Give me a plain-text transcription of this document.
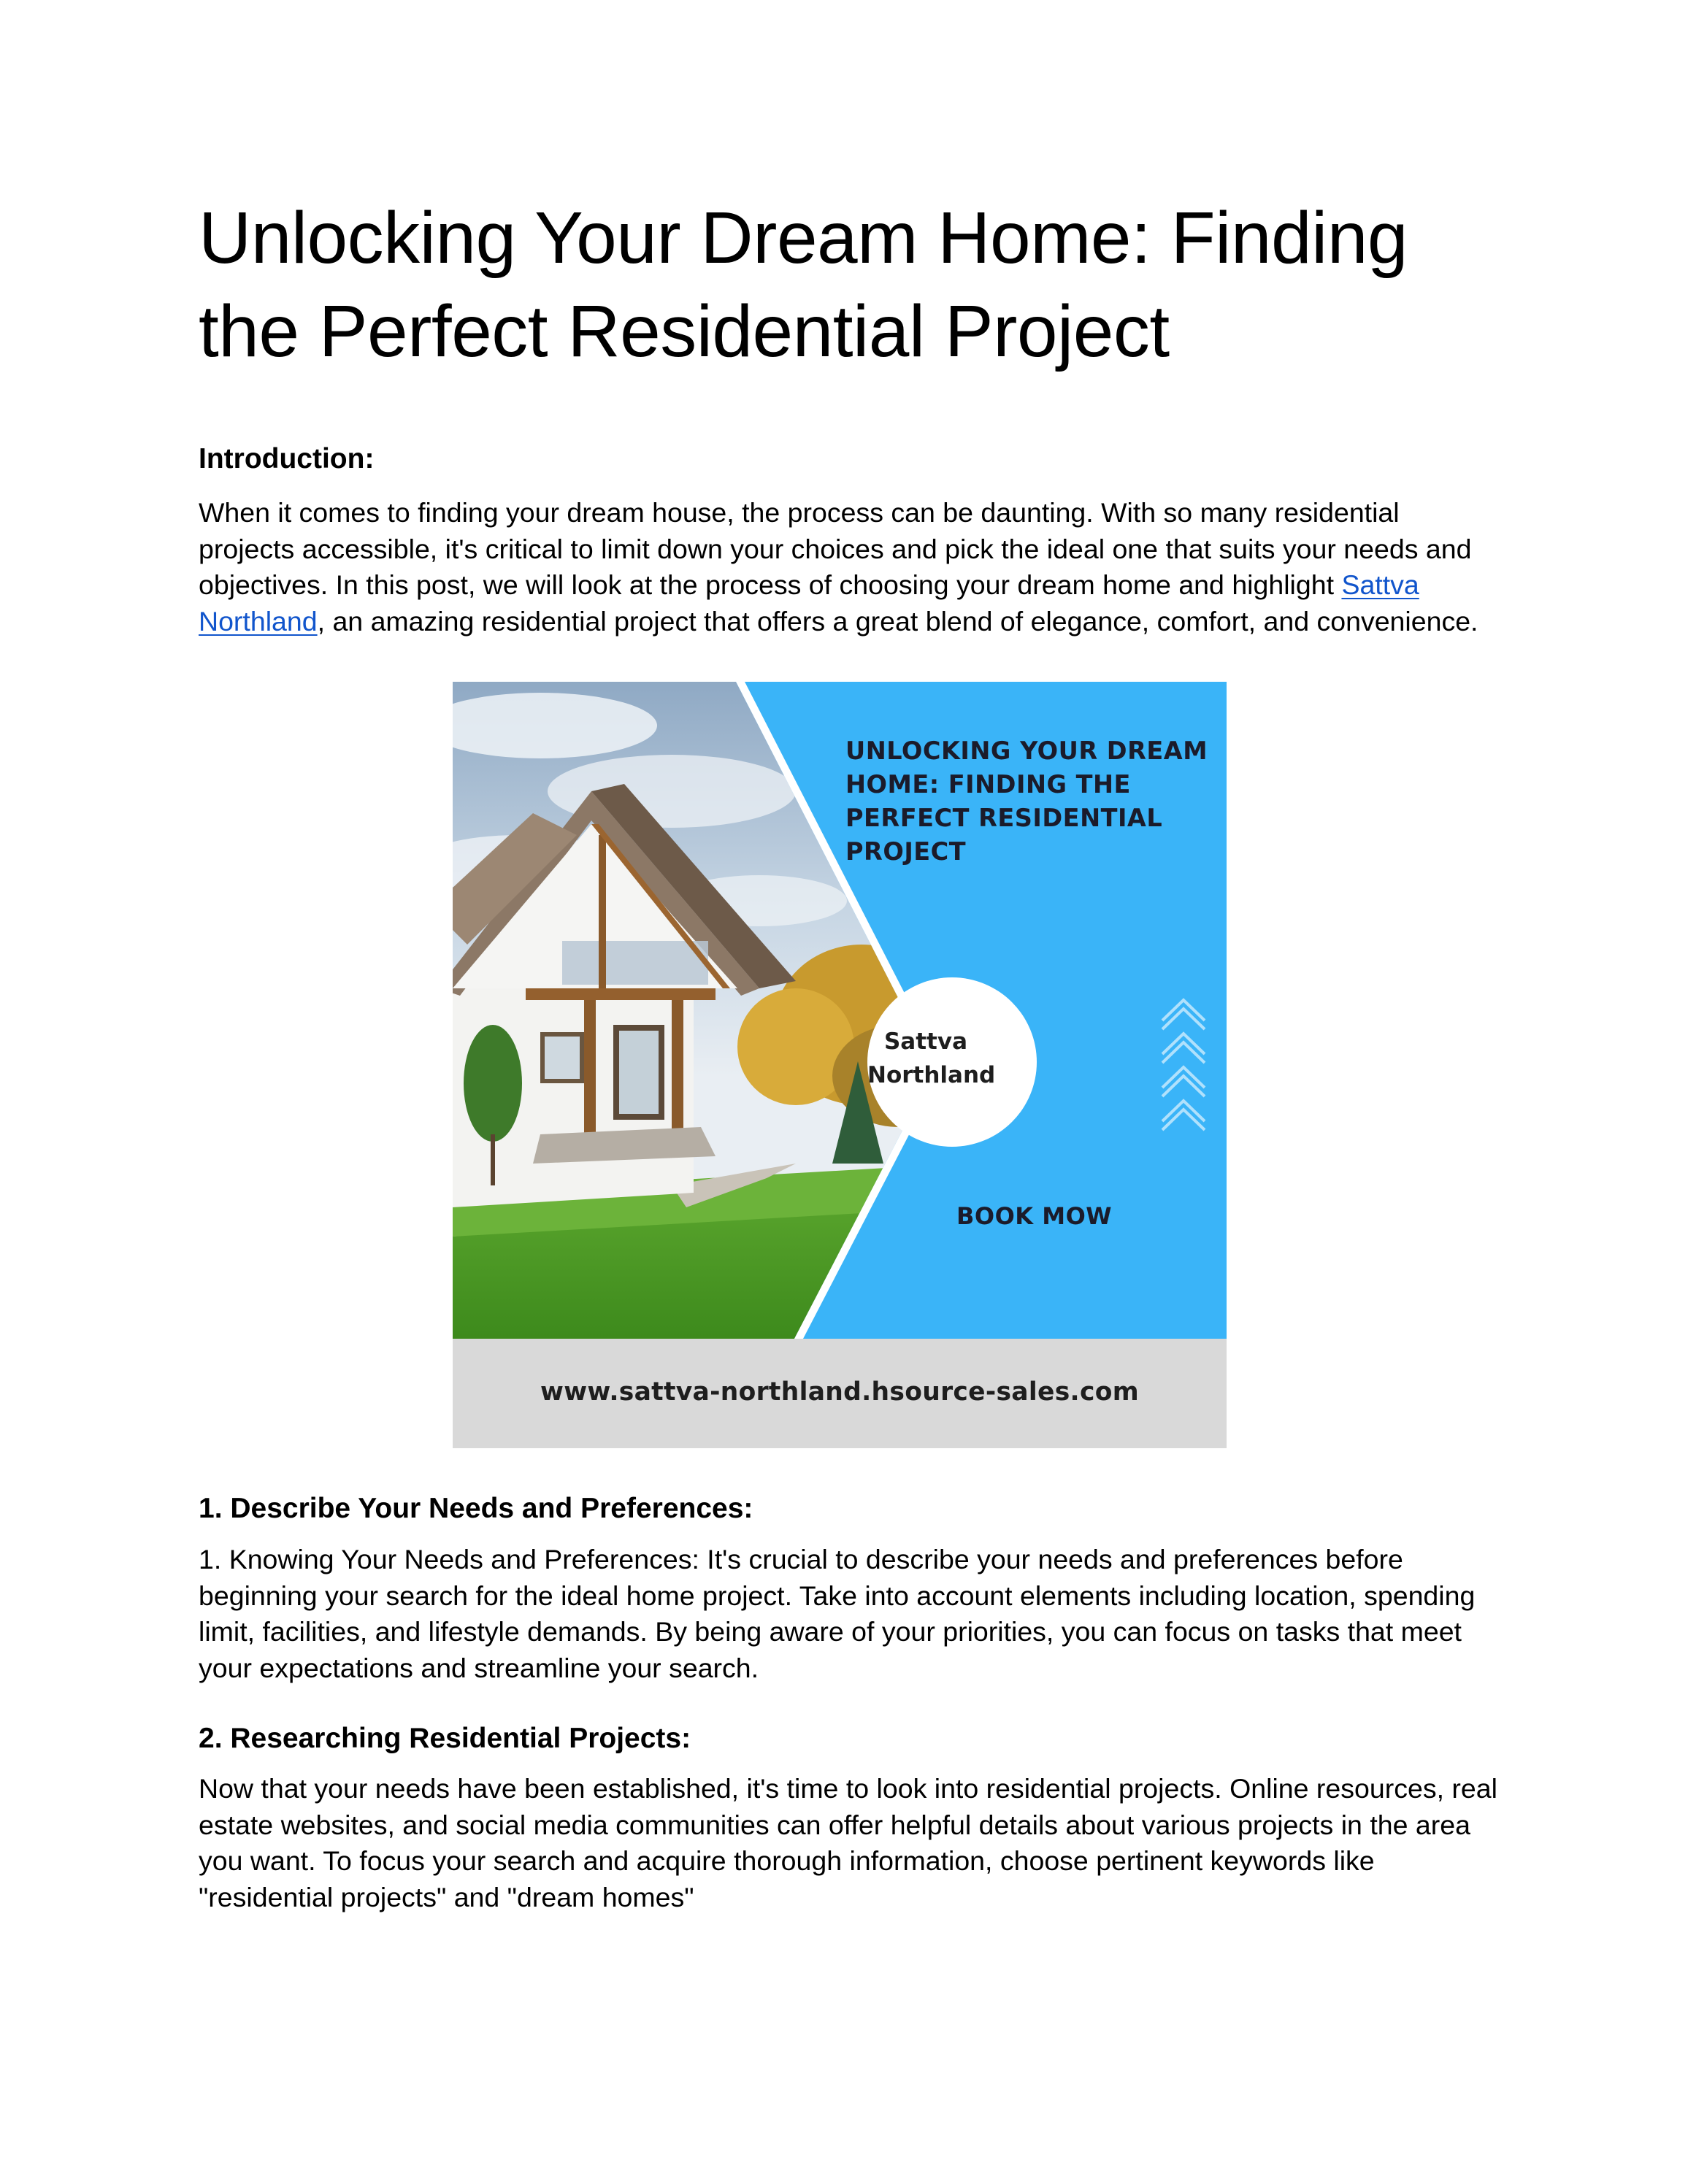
Unlocking Your Dream Home: Finding the Perfect Residential Project
Introduction:

When it comes to finding your dream house, the process can be daunting. With so many residential projects accessible, it's critical to limit down your choices and pick the ideal one that suits your needs and objectives. In this post, we will look at the process of choosing your dream home and highlight Sattva Northland, an amazing residential project that offers a great blend of elegance, comfort, and convenience.

UNLOCKING YOUR DREAM HOME: FINDING THE PERFECT RESIDENTIAL PROJECT
Sattva Northland
BOOK MOW
www.sattva-northland.hsource-sales.com
1. Describe Your Needs and Preferences:

1. Knowing Your Needs and Preferences: It's crucial to describe your needs and preferences before beginning your search for the ideal home project. Take into account elements including location, spending limit, facilities, and lifestyle demands. By being aware of your priorities, you can focus on tasks that meet your expectations and streamline your search.

2. Researching Residential Projects:

Now that your needs have been established, it's time to look into residential projects. Online resources, real estate websites, and social media communities can offer helpful details about various projects in the area you want. To focus your search and acquire thorough information, choose pertinent keywords like "residential projects" and "dream homes"
